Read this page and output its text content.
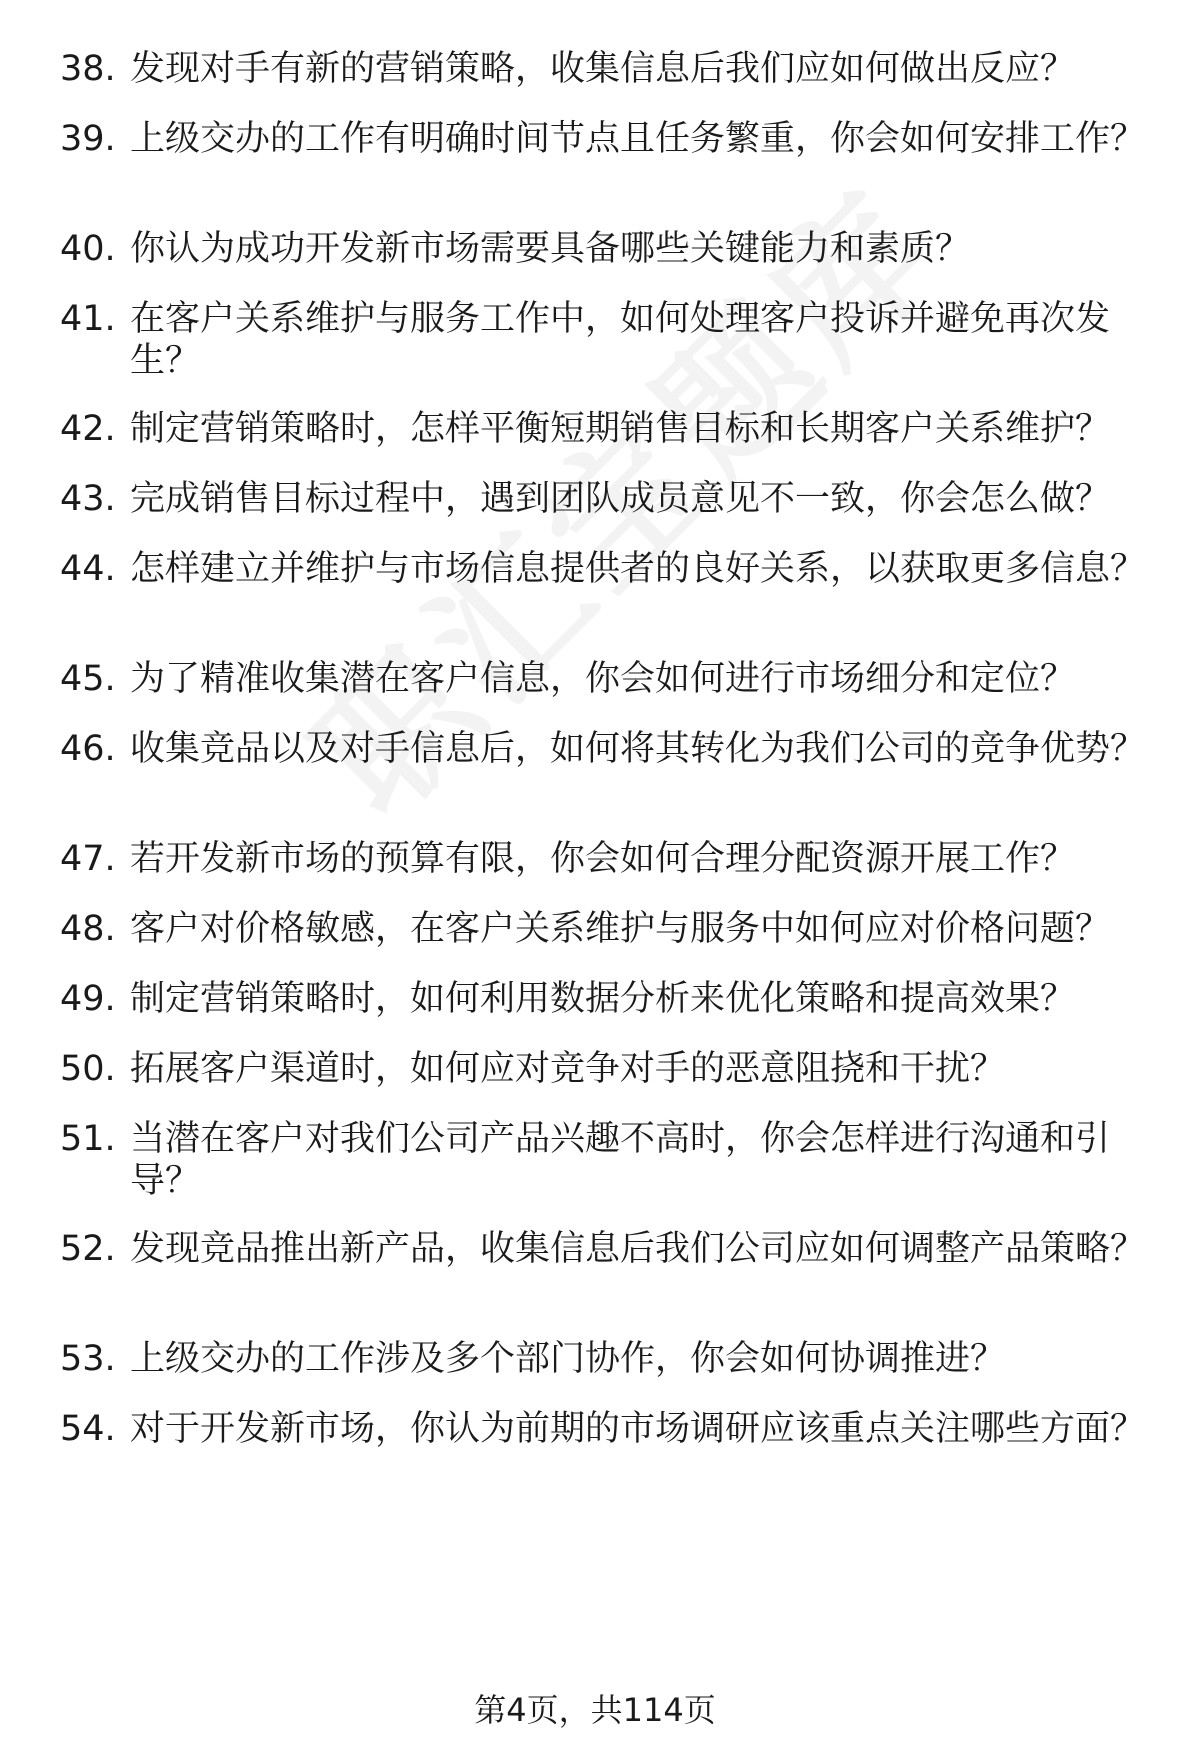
38. 发现对手有新的营销策略，收集信息后我们应如何做出反应？
39. 上级交办的工作有明确时间节点且任务繁重，你会如何安排工作？
40. 你认为成功开发新市场需要具备哪些关键能力和素质？
41. 在客户关系维护与服务工作中，如何处理客户投诉并避免再次发生？
42. 制定营销策略时，怎样平衡短期销售目标和长期客户关系维护？
43. 完成销售目标过程中，遇到团队成员意见不一致，你会怎么做？
44. 怎样建立并维护与市场信息提供者的良好关系，以获取更多信息？
45. 为了精准收集潜在客户信息，你会如何进行市场细分和定位？
46. 收集竞品以及对手信息后，如何将其转化为我们公司的竞争优势？
47. 若开发新市场的预算有限，你会如何合理分配资源开展工作？
48. 客户对价格敏感，在客户关系维护与服务中如何应对价格问题？
49. 制定营销策略时，如何利用数据分析来优化策略和提高效果？
50. 拓展客户渠道时，如何应对竞争对手的恶意阻挠和干扰？
51. 当潜在客户对我们公司产品兴趣不高时，你会怎样进行沟通和引导？
52. 发现竞品推出新产品，收集信息后我们公司应如何调整产品策略？
53. 上级交办的工作涉及多个部门协作，你会如何协调推进？
54. 对于开发新市场，你认为前期的市场调研应该重点关注哪些方面？
第4页，共114页
